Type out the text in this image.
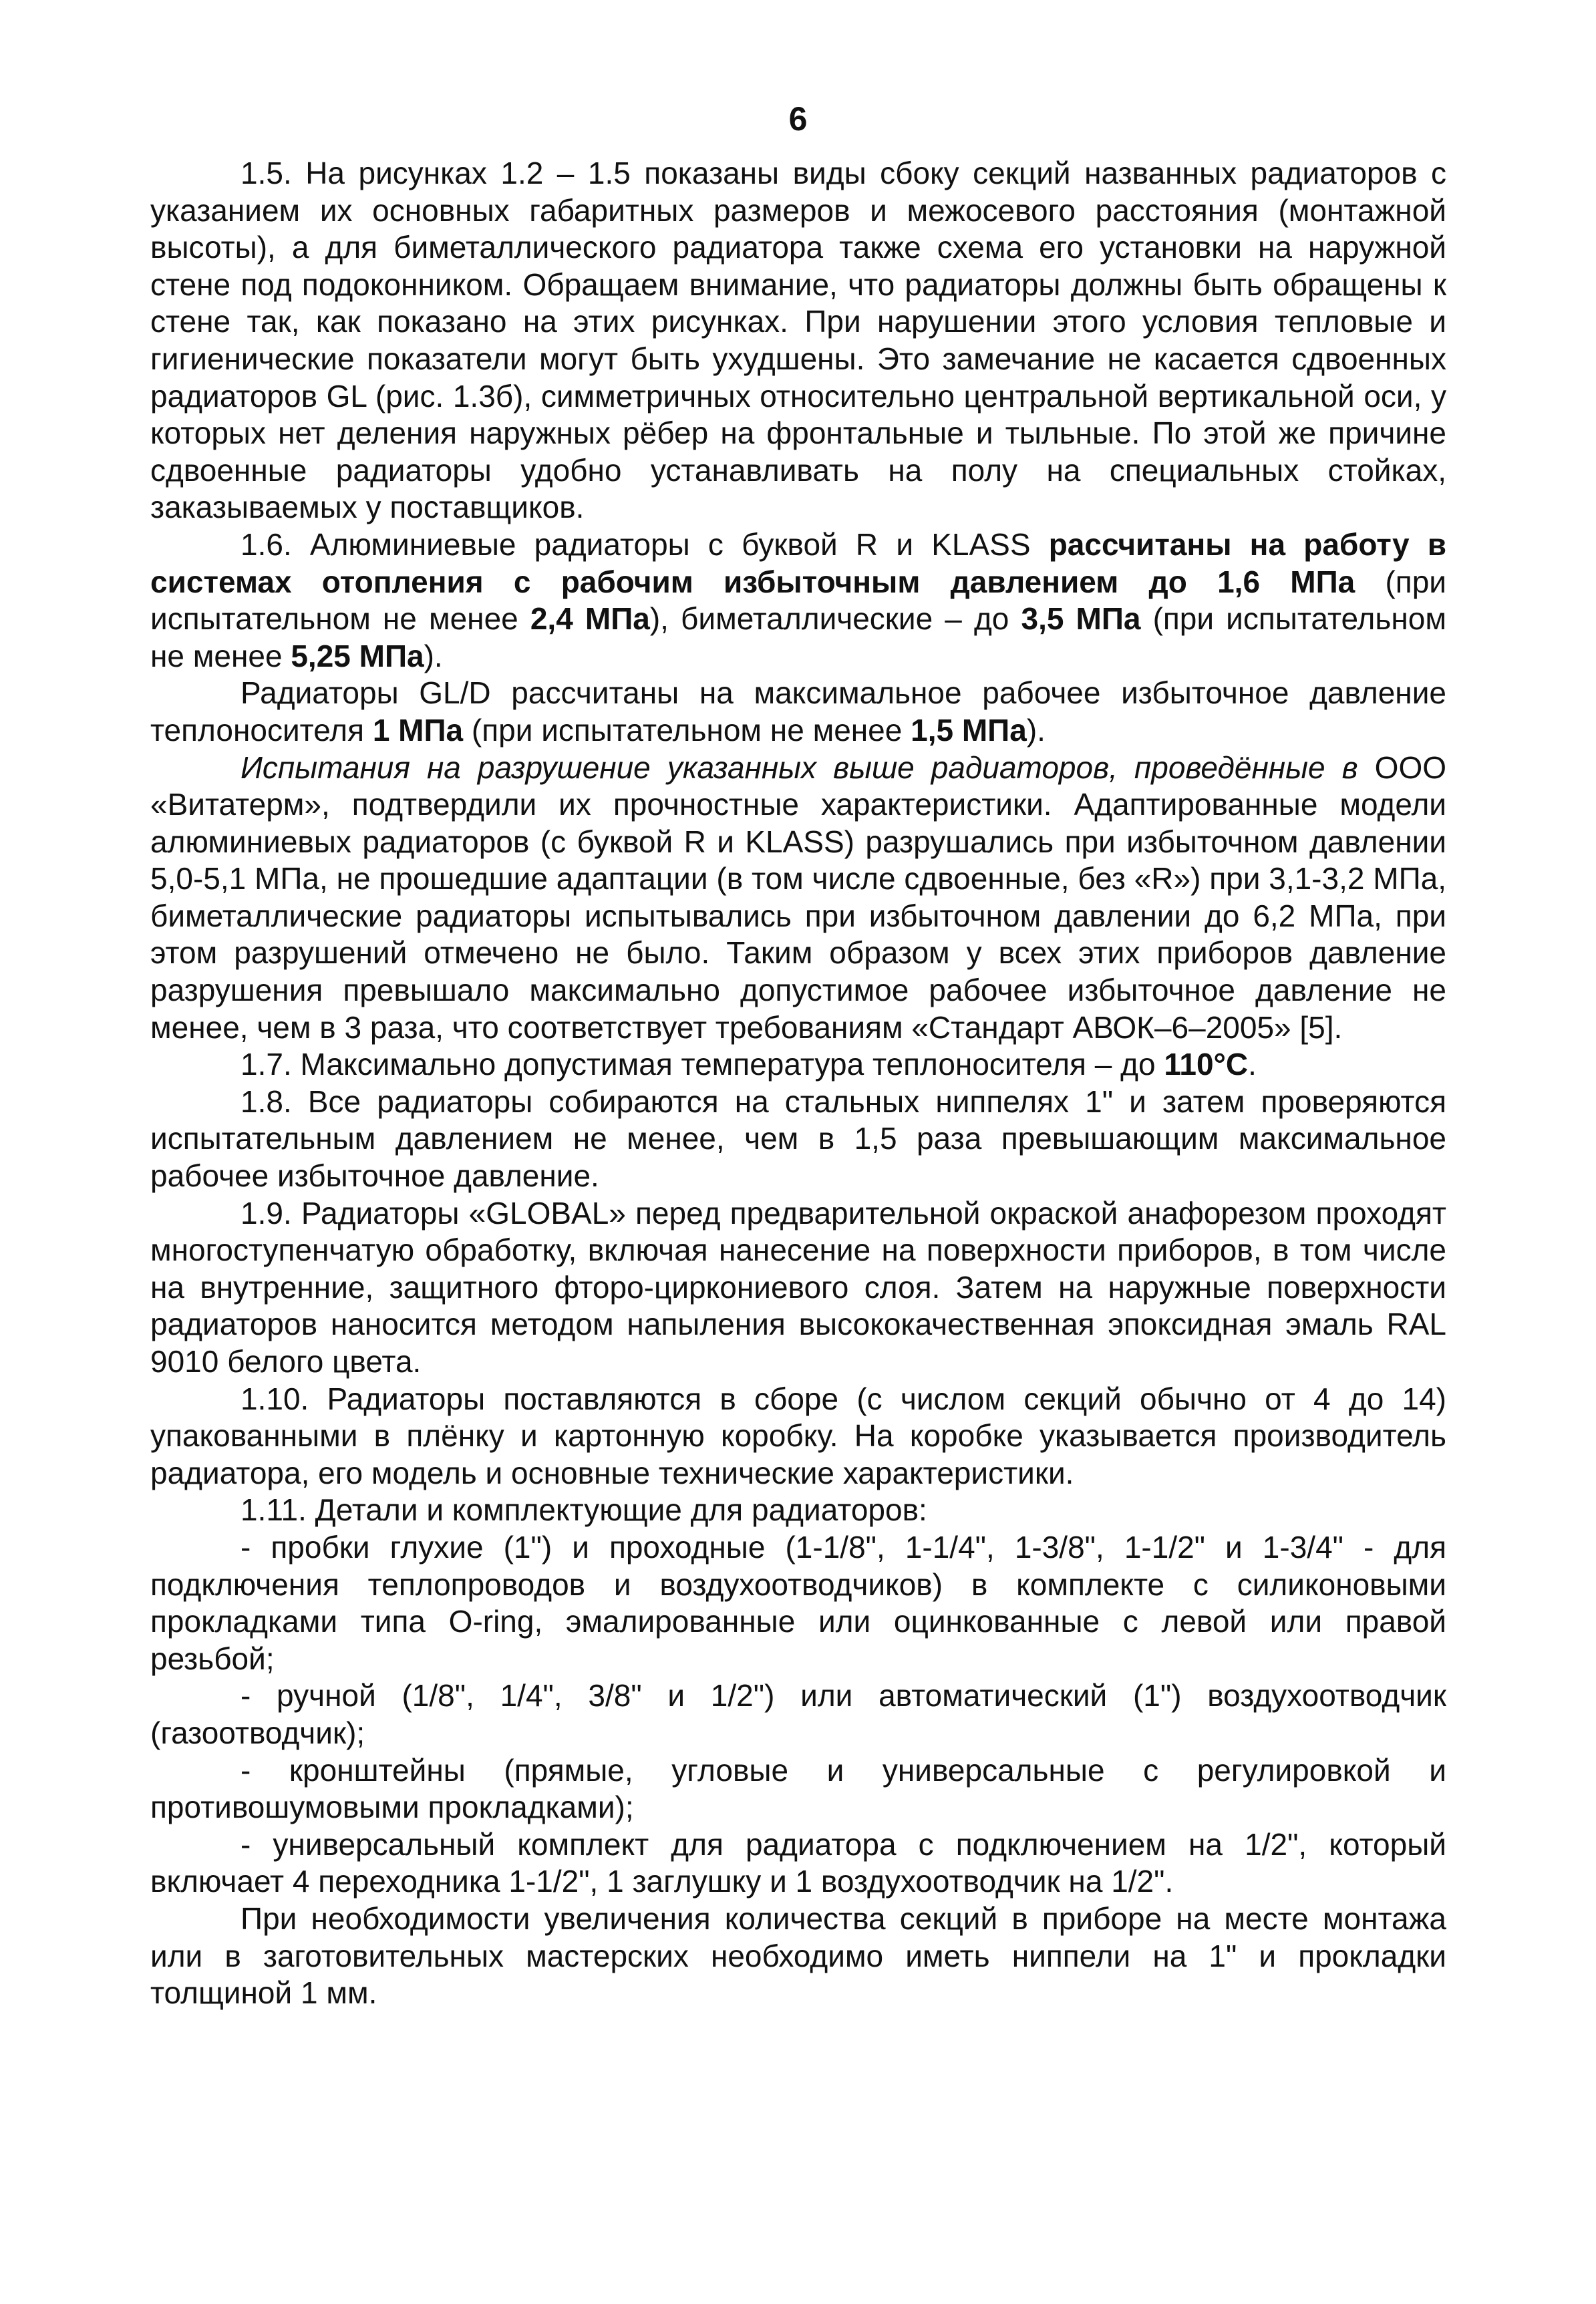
6

1.5. На рисунках 1.2 – 1.5 показаны виды сбоку секций названных радиаторов с указанием их основных габаритных размеров и межосевого расстояния (монтажной высоты), а для биметаллического радиатора также схема его установки на наружной стене под подоконником. Обращаем внимание, что радиаторы должны быть обращены к стене так, как показано на этих рисунках. При нарушении этого условия тепловые и гигиенические показатели могут быть ухудшены. Это замечание не касается сдвоенных радиаторов GL (рис. 1.3б), симметричных относительно центральной вертикальной оси, у которых нет деления наружных рёбер на фронтальные и тыльные. По этой же причине сдвоенные радиаторы удобно устанавливать на полу на специальных стойках, заказываемых у поставщиков.

1.6. Алюминиевые радиаторы с буквой R и KLASS рассчитаны на работу в системах отопления с рабочим избыточным давлением до 1,6 МПа (при испытательном не менее 2,4 МПа), биметаллические – до 3,5 МПа (при испытательном не менее 5,25 МПа).

Радиаторы GL/D рассчитаны на максимальное рабочее избыточное давление теплоносителя 1 МПа (при испытательном не менее 1,5 МПа).

Испытания на разрушение указанных выше радиаторов, проведённые в ООО «Витатерм», подтвердили их прочностные характеристики. Адаптированные модели алюминиевых радиаторов (с буквой R и KLASS) разрушались при избыточном давлении 5,0-5,1 МПа, не прошедшие адаптации (в том числе сдвоенные, без «R») при 3,1-3,2 МПа, биметаллические радиаторы испытывались при избыточном давлении до 6,2 МПа, при этом разрушений отмечено не было. Таким образом у всех этих приборов давление разрушения превышало максимально допустимое рабочее избыточное давление не менее, чем в 3 раза, что соответствует требованиям «Стандарт АВОК–6–2005» [5].

1.7. Максимально допустимая температура теплоносителя – до 110°С.

1.8. Все радиаторы собираются на стальных ниппелях 1" и затем проверяются испытательным давлением не менее, чем в 1,5 раза превышающим максимальное рабочее избыточное давление.

1.9. Радиаторы «GLOBAL» перед предварительной окраской анафорезом проходят многоступенчатую обработку, включая нанесение на поверхности приборов, в том числе на внутренние, защитного фторо-циркониевого слоя. Затем на наружные поверхности радиаторов наносится методом напыления высококачественная эпоксидная эмаль RAL 9010 белого цвета.

1.10. Радиаторы поставляются в сборе (с числом секций обычно от 4 до 14) упакованными в плёнку и картонную коробку. На коробке указывается производитель радиатора, его модель и основные технические характеристики.

1.11. Детали и комплектующие для радиаторов:

- пробки глухие (1") и проходные (1-1/8", 1-1/4", 1-3/8", 1-1/2" и 1-3/4" - для подключения теплопроводов и воздухоотводчиков) в комплекте с силиконовыми прокладками типа O-ring, эмалированные или оцинкованные с левой или правой резьбой;

- ручной (1/8", 1/4", 3/8" и 1/2") или автоматический (1") воздухоотводчик (газоотводчик);

- кронштейны (прямые, угловые и универсальные с регулировкой и противошумовыми прокладками);

- универсальный комплект для радиатора с подключением на 1/2", который включает 4 переходника 1-1/2", 1 заглушку и 1 воздухоотводчик на 1/2".

При необходимости увеличения количества секций в приборе на месте монтажа или в заготовительных мастерских необходимо иметь ниппели на 1" и прокладки толщиной 1 мм.
